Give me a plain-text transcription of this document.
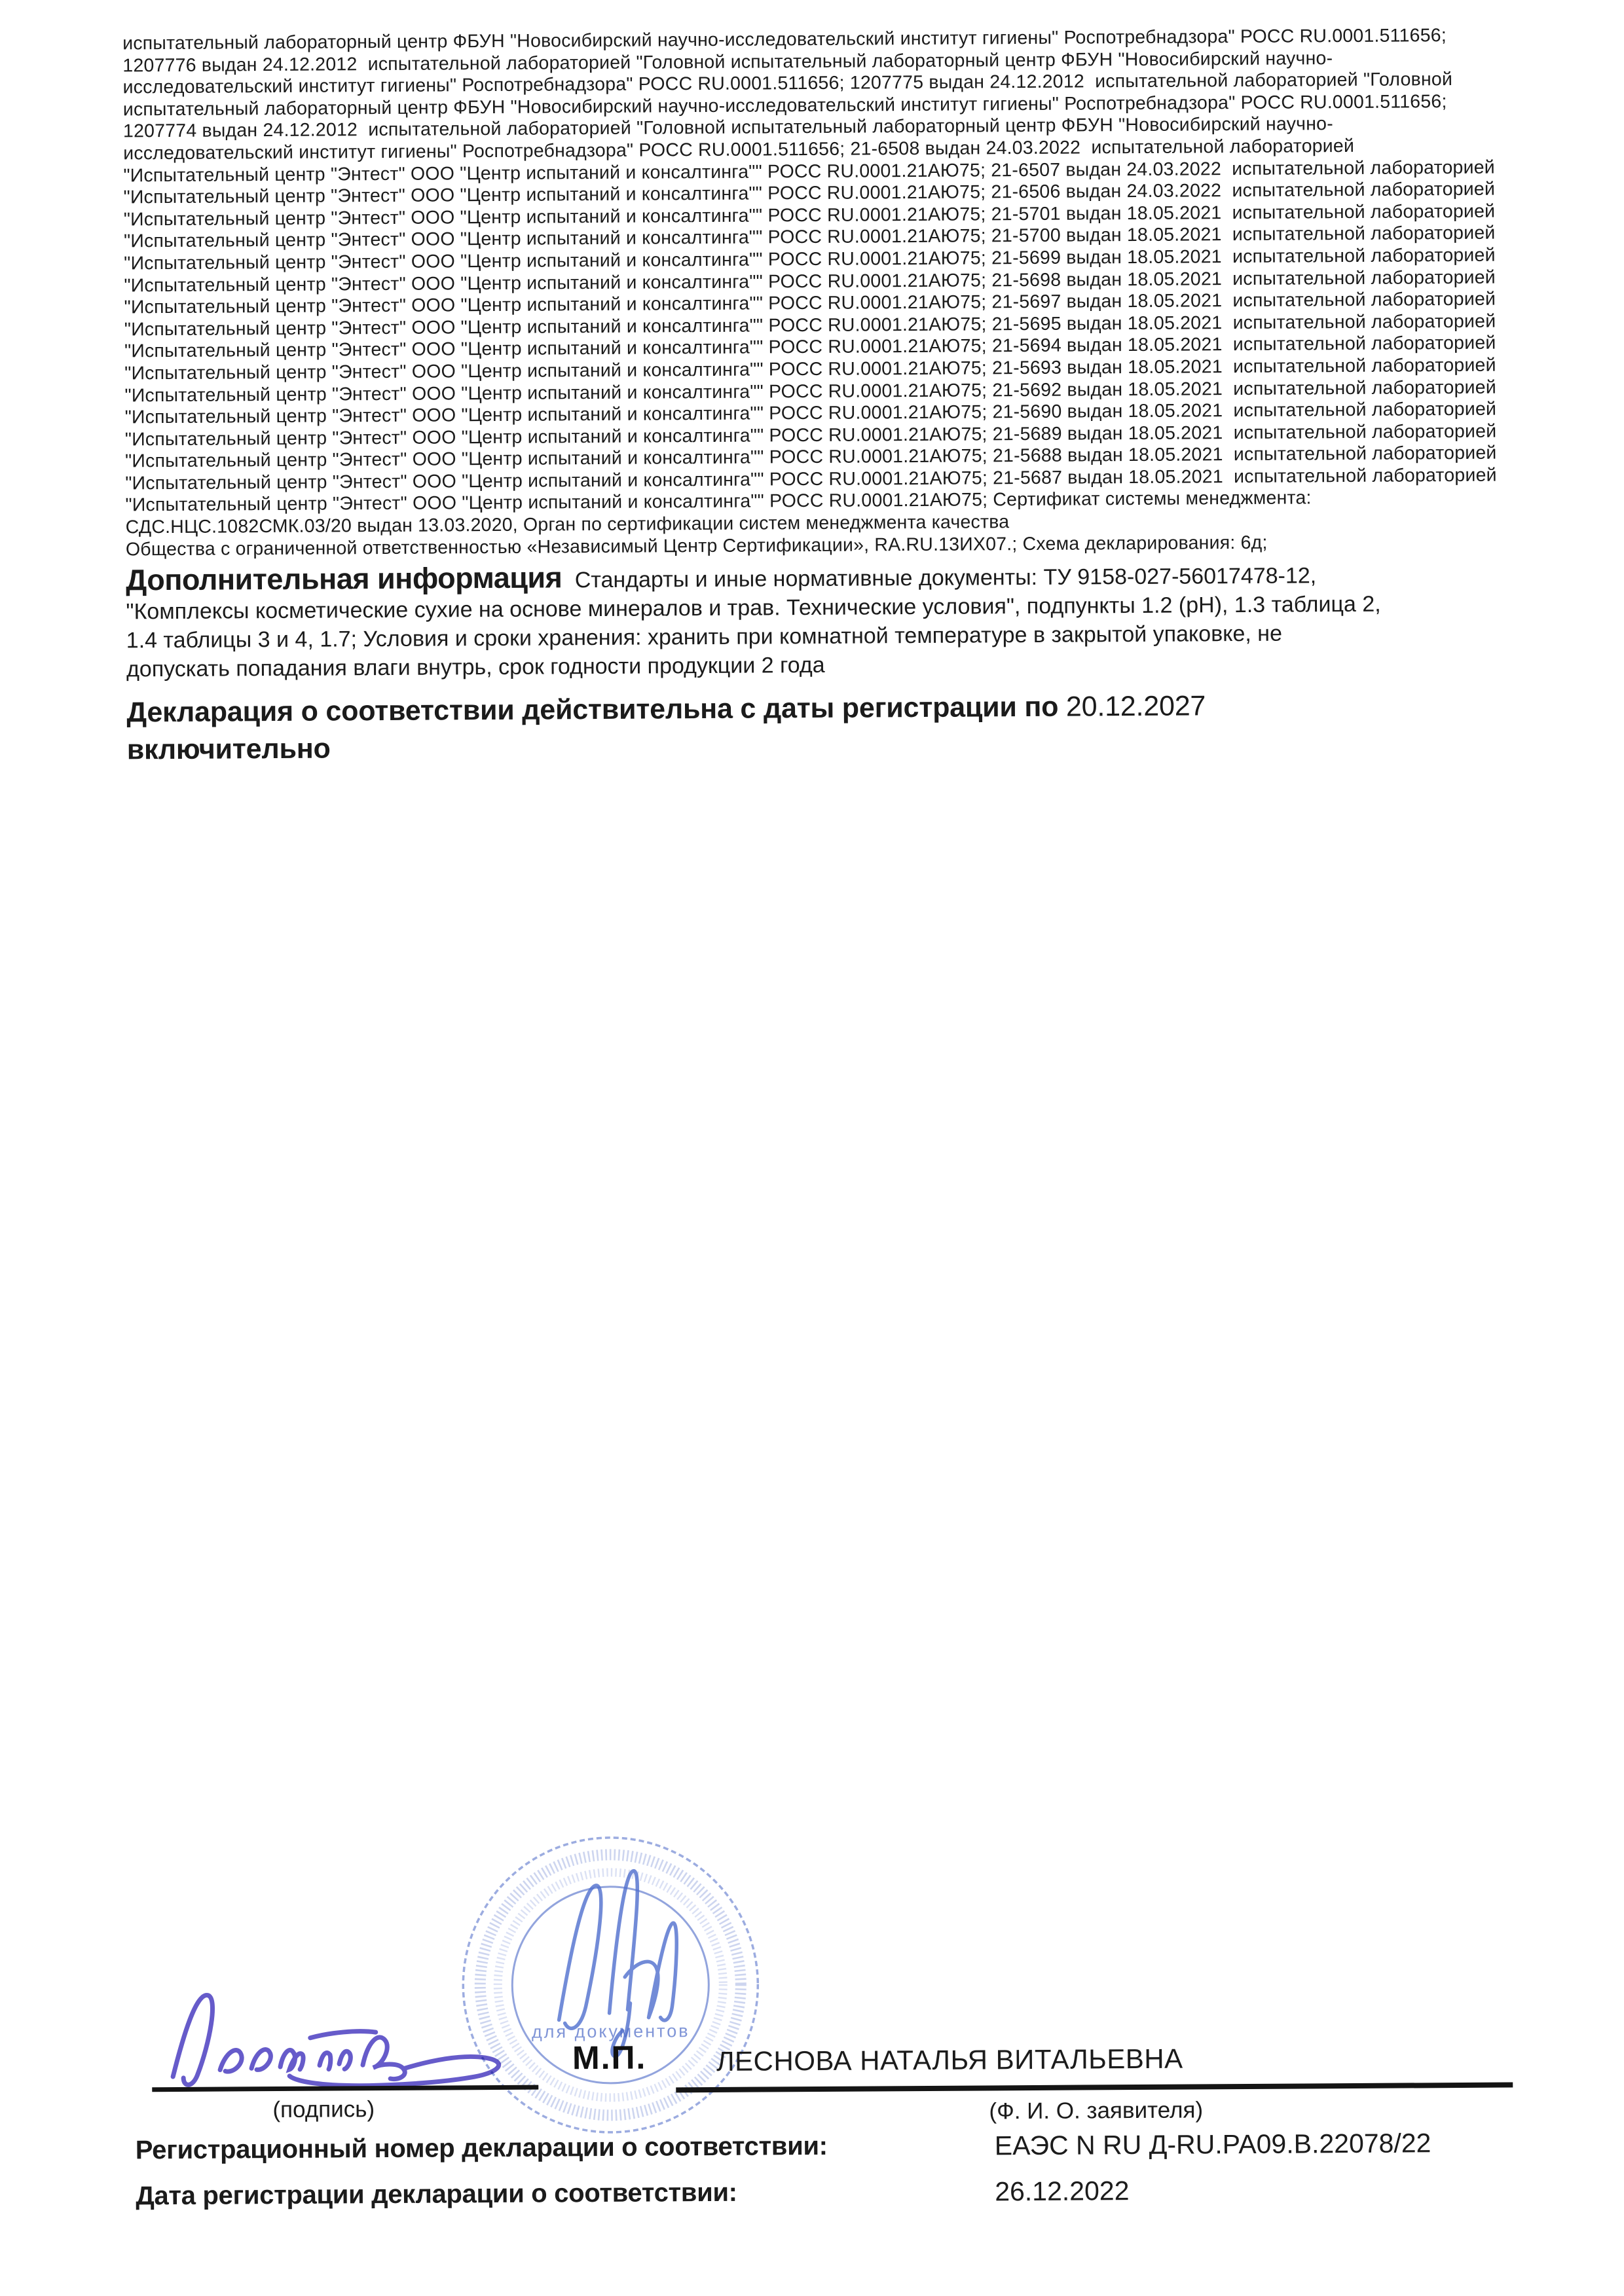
испытательный лабораторный центр ФБУН "Новосибирский научно-исследовательский институт гигиены" Роспотребнадзора" РОСС RU.0001.511656;
1207776 выдан 24.12.2012  испытательной лабораторией "Головной испытательный лабораторный центр ФБУН "Новосибирский научно-
исследовательский институт гигиены" Роспотребнадзора" РОСС RU.0001.511656; 1207775 выдан 24.12.2012  испытательной лабораторией "Головной
испытательный лабораторный центр ФБУН "Новосибирский научно-исследовательский институт гигиены" Роспотребнадзора" РОСС RU.0001.511656;
1207774 выдан 24.12.2012  испытательной лабораторией "Головной испытательный лабораторный центр ФБУН "Новосибирский научно-
исследовательский институт гигиены" Роспотребнадзора" РОСС RU.0001.511656; 21-6508 выдан 24.03.2022  испытательной лабораторией
"Испытательный центр "Энтест" ООО "Центр испытаний и консалтинга"" РОСС RU.0001.21АЮ75; 21-6507 выдан 24.03.2022  испытательной лабораторией
"Испытательный центр "Энтест" ООО "Центр испытаний и консалтинга"" РОСС RU.0001.21АЮ75; 21-6506 выдан 24.03.2022  испытательной лабораторией
"Испытательный центр "Энтест" ООО "Центр испытаний и консалтинга"" РОСС RU.0001.21АЮ75; 21-5701 выдан 18.05.2021  испытательной лабораторией
"Испытательный центр "Энтест" ООО "Центр испытаний и консалтинга"" РОСС RU.0001.21АЮ75; 21-5700 выдан 18.05.2021  испытательной лабораторией
"Испытательный центр "Энтест" ООО "Центр испытаний и консалтинга"" РОСС RU.0001.21АЮ75; 21-5699 выдан 18.05.2021  испытательной лабораторией
"Испытательный центр "Энтест" ООО "Центр испытаний и консалтинга"" РОСС RU.0001.21АЮ75; 21-5698 выдан 18.05.2021  испытательной лабораторией
"Испытательный центр "Энтест" ООО "Центр испытаний и консалтинга"" РОСС RU.0001.21АЮ75; 21-5697 выдан 18.05.2021  испытательной лабораторией
"Испытательный центр "Энтест" ООО "Центр испытаний и консалтинга"" РОСС RU.0001.21АЮ75; 21-5695 выдан 18.05.2021  испытательной лабораторией
"Испытательный центр "Энтест" ООО "Центр испытаний и консалтинга"" РОСС RU.0001.21АЮ75; 21-5694 выдан 18.05.2021  испытательной лабораторией
"Испытательный центр "Энтест" ООО "Центр испытаний и консалтинга"" РОСС RU.0001.21АЮ75; 21-5693 выдан 18.05.2021  испытательной лабораторией
"Испытательный центр "Энтест" ООО "Центр испытаний и консалтинга"" РОСС RU.0001.21АЮ75; 21-5692 выдан 18.05.2021  испытательной лабораторией
"Испытательный центр "Энтест" ООО "Центр испытаний и консалтинга"" РОСС RU.0001.21АЮ75; 21-5690 выдан 18.05.2021  испытательной лабораторией
"Испытательный центр "Энтест" ООО "Центр испытаний и консалтинга"" РОСС RU.0001.21АЮ75; 21-5689 выдан 18.05.2021  испытательной лабораторией
"Испытательный центр "Энтест" ООО "Центр испытаний и консалтинга"" РОСС RU.0001.21АЮ75; 21-5688 выдан 18.05.2021  испытательной лабораторией
"Испытательный центр "Энтест" ООО "Центр испытаний и консалтинга"" РОСС RU.0001.21АЮ75; 21-5687 выдан 18.05.2021  испытательной лабораторией
"Испытательный центр "Энтест" ООО "Центр испытаний и консалтинга"" РОСС RU.0001.21АЮ75; Сертификат системы менеджмента:
СДС.НЦС.1082СМК.03/20 выдан 13.03.2020, Орган по сертификации систем менеджмента качества
Общества с ограниченной ответственностью «Независимый Центр Сертификации», RA.RU.13ИХ07.; Схема декларирования: 6д;
Дополнительная информация Стандарты и иные нормативные документы: ТУ 9158-027-56017478-12,
"Комплексы косметические сухие на основе минералов и трав. Технические условия", подпункты 1.2 (pH), 1.3 таблица 2,
1.4 таблицы 3 и 4, 1.7; Условия и сроки хранения: хранить при комнатной температуре в закрытой упаковке, не
допускать попадания влаги внутрь, срок годности продукции 2 года
Декларация о соответствии действительна с даты регистрации по 20.12.2027
включительно
для документов
М.П.	ЛЕСНОВА НАТАЛЬЯ ВИТАЛЬЕВНА
(подпись)	(Ф. И. О. заявителя)
Регистрационный номер декларации о соответствии:	ЕАЭС N RU Д-RU.РА09.В.22078/22
Дата регистрации декларации о соответствии:	26.12.2022
